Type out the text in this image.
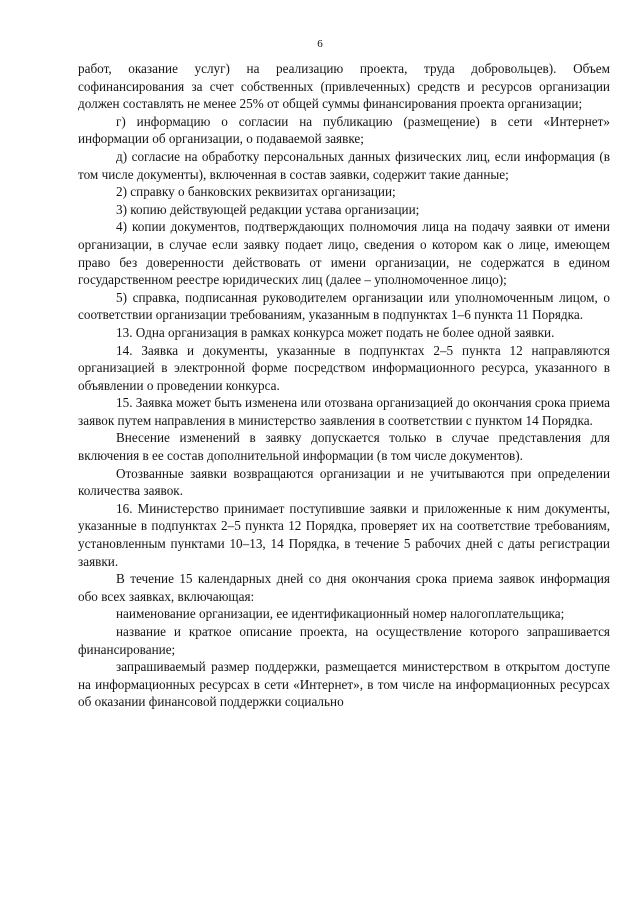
6

работ, оказание услуг) на реализацию проекта, труда добровольцев). Объем софинансирования за счет собственных (привлеченных) средств и ресурсов организации должен составлять не менее 25% от общей суммы финансирования проекта организации;

г) информацию о согласии на публикацию (размещение) в сети «Интернет» информации об организации, о подаваемой заявке;

д) согласие на обработку персональных данных физических лиц, если информация (в том числе документы), включенная в состав заявки, содержит такие данные;

2) справку о банковских реквизитах организации;

3) копию действующей редакции устава организации;

4) копии документов, подтверждающих полномочия лица на подачу заявки от имени организации, в случае если заявку подает лицо, сведения о котором как о лице, имеющем право без доверенности действовать от имени организации, не содержатся в едином государственном реестре юридических лиц (далее – уполномоченное лицо);

5) справка, подписанная руководителем организации или уполномоченным лицом, о соответствии организации требованиям, указанным в подпунктах 1–6 пункта 11 Порядка.

13. Одна организация в рамках конкурса может подать не более одной заявки.

14. Заявка и документы, указанные в подпунктах 2–5 пункта 12 направляются организацией в электронной форме посредством информационного ресурса, указанного в объявлении о проведении конкурса.

15. Заявка может быть изменена или отозвана организацией до окончания срока приема заявок путем направления в министерство заявления в соответствии с пунктом 14 Порядка.

Внесение изменений в заявку допускается только в случае представления для включения в ее состав дополнительной информации (в том числе документов).

Отозванные заявки возвращаются организации и не учитываются при определении количества заявок.

16. Министерство принимает поступившие заявки и приложенные к ним документы, указанные в подпунктах 2–5 пункта 12 Порядка, проверяет их на соответствие требованиям, установленным пунктами 10–13, 14 Порядка, в течение 5 рабочих дней с даты регистрации заявки.

В течение 15 календарных дней со дня окончания срока приема заявок информация обо всех заявках, включающая:

наименование организации, ее идентификационный номер налогоплательщика;

название и краткое описание проекта, на осуществление которого запрашивается финансирование;

запрашиваемый размер поддержки, размещается министерством в открытом доступе на информационных ресурсах в сети «Интернет», в том числе на информационных ресурсах об оказании финансовой поддержки социально
